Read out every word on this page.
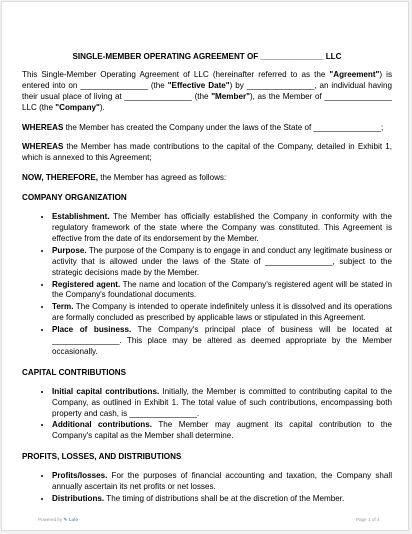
SINGLE-MEMBER OPERATING AGREEMENT OF ______________ LLC

This Single-Member Operating Agreement of LLC (hereinafter referred to as the "Agreement") is entered into on _______________ (the "Effective Date") by _______________, an individual having their usual place of living at _______________ (the "Member"), as the Member of _______________ LLC (the "Company").

WHEREAS the Member has created the Company under the laws of the State of _______________;

WHEREAS the Member has made contributions to the capital of the Company, detailed in Exhibit 1, which is annexed to this Agreement;

NOW, THEREFORE, the Member has agreed as follows:

COMPANY ORGANIZATION
• Establishment. The Member has officially established the Company in conformity with the regulatory framework of the state where the Company was constituted. This Agreement is effective from the date of its endorsement by the Member.
• Purpose. The purpose of the Company is to engage in and conduct any legitimate business or activity that is allowed under the laws of the State of _______________, subject to the strategic decisions made by the Member.
• Registered agent. The name and location of the Company's registered agent will be stated in the Company's foundational documents.
• Term. The Company is intended to operate indefinitely unless it is dissolved and its operations are formally concluded as prescribed by applicable laws or stipulated in this Agreement.
• Place of business. The Company's principal place of business will be located at _______________. This place may be altered as deemed appropriate by the Member occasionally.
CAPITAL CONTRIBUTIONS
• Initial capital contributions. Initially, the Member is committed to contributing capital to the Company, as outlined in Exhibit 1. The total value of such contributions, encompassing both property and cash, is _______________.
• Additional contributions. The Member may augment its capital contribution to the Company's capital as the Member shall determine.
PROFITS, LOSSES, AND DISTRIBUTIONS
• Profits/losses. For the purposes of financial accounting and taxation, the Company shall annually ascertain its net profits or net losses.
• Distributions. The timing of distributions shall be at the discretion of the Member.
Powered by ✎ Lalo	Page 1 of 4
